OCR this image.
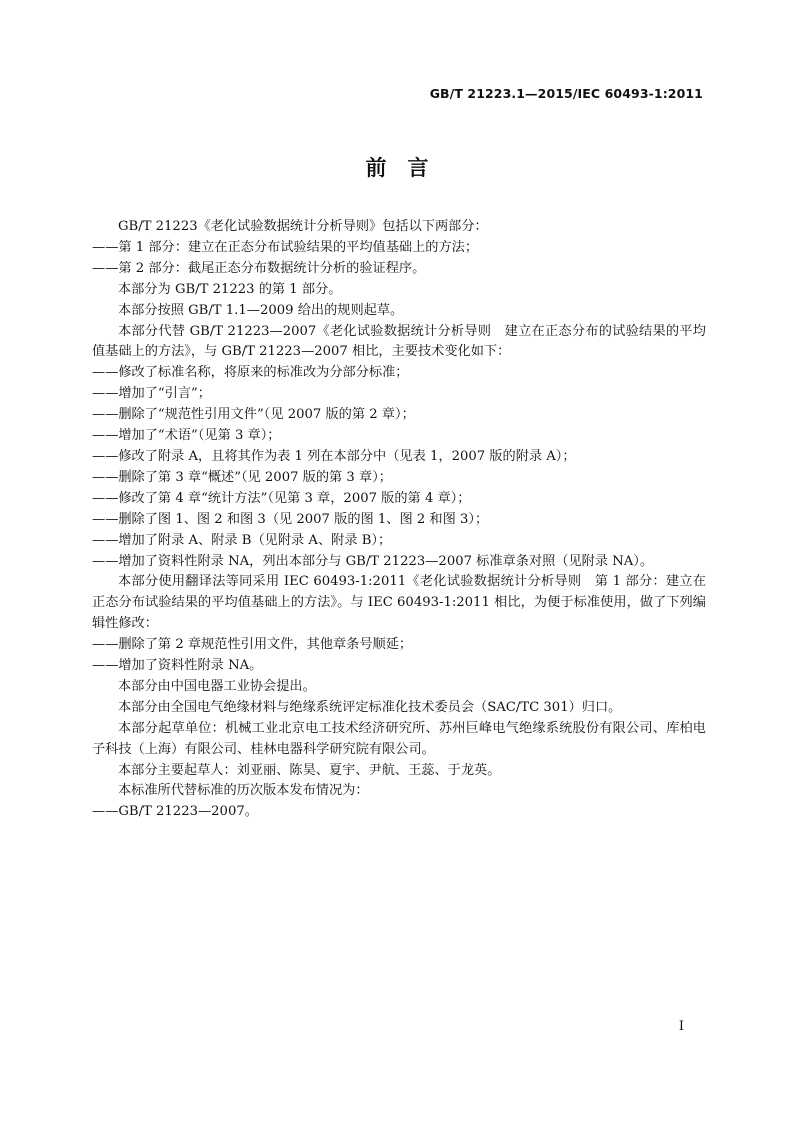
GB/T 21223.1—2015/IEC 60493-1:2011
前　言

GB/T 21223《老化试验数据统计分析导则》包括以下两部分：

——第 1 部分：建立在正态分布试验结果的平均值基础上的方法；

——第 2 部分：截尾正态分布数据统计分析的验证程序。

本部分为 GB/T 21223 的第 1 部分。

本部分按照 GB/T 1.1—2009 给出的规则起草。

本部分代替 GB/T 21223—2007《老化试验数据统计分析导则　建立在正态分布的试验结果的平均值基础上的方法》，与 GB/T 21223—2007 相比，主要技术变化如下：

——修改了标准名称，将原来的标准改为分部分标准；

——增加了“引言”；

——删除了“规范性引用文件”（见 2007 版的第 2 章）；

——增加了“术语”（见第 3 章）；

——修改了附录 A，且将其作为表 1 列在本部分中（见表 1，2007 版的附录 A）；

——删除了第 3 章“概述”（见 2007 版的第 3 章）；

——修改了第 4 章“统计方法”（见第 3 章，2007 版的第 4 章）；

——删除了图 1、图 2 和图 3（见 2007 版的图 1、图 2 和图 3）；

——增加了附录 A、附录 B（见附录 A、附录 B）；

——增加了资料性附录 NA，列出本部分与 GB/T 21223—2007 标准章条对照（见附录 NA）。

本部分使用翻译法等同采用 IEC 60493-1:2011《老化试验数据统计分析导则　第 1 部分：建立在正态分布试验结果的平均值基础上的方法》。与 IEC 60493-1:2011 相比，为便于标准使用，做了下列编辑性修改：

——删除了第 2 章规范性引用文件，其他章条号顺延；

——增加了资料性附录 NA。

本部分由中国电器工业协会提出。

本部分由全国电气绝缘材料与绝缘系统评定标准化技术委员会（SAC/TC 301）归口。

本部分起草单位：机械工业北京电工技术经济研究所、苏州巨峰电气绝缘系统股份有限公司、库柏电子科技（上海）有限公司、桂林电器科学研究院有限公司。

本部分主要起草人：刘亚丽、陈昊、夏宇、尹航、王蕊、于龙英。

本标准所代替标准的历次版本发布情况为：

——GB/T 21223—2007。

I
